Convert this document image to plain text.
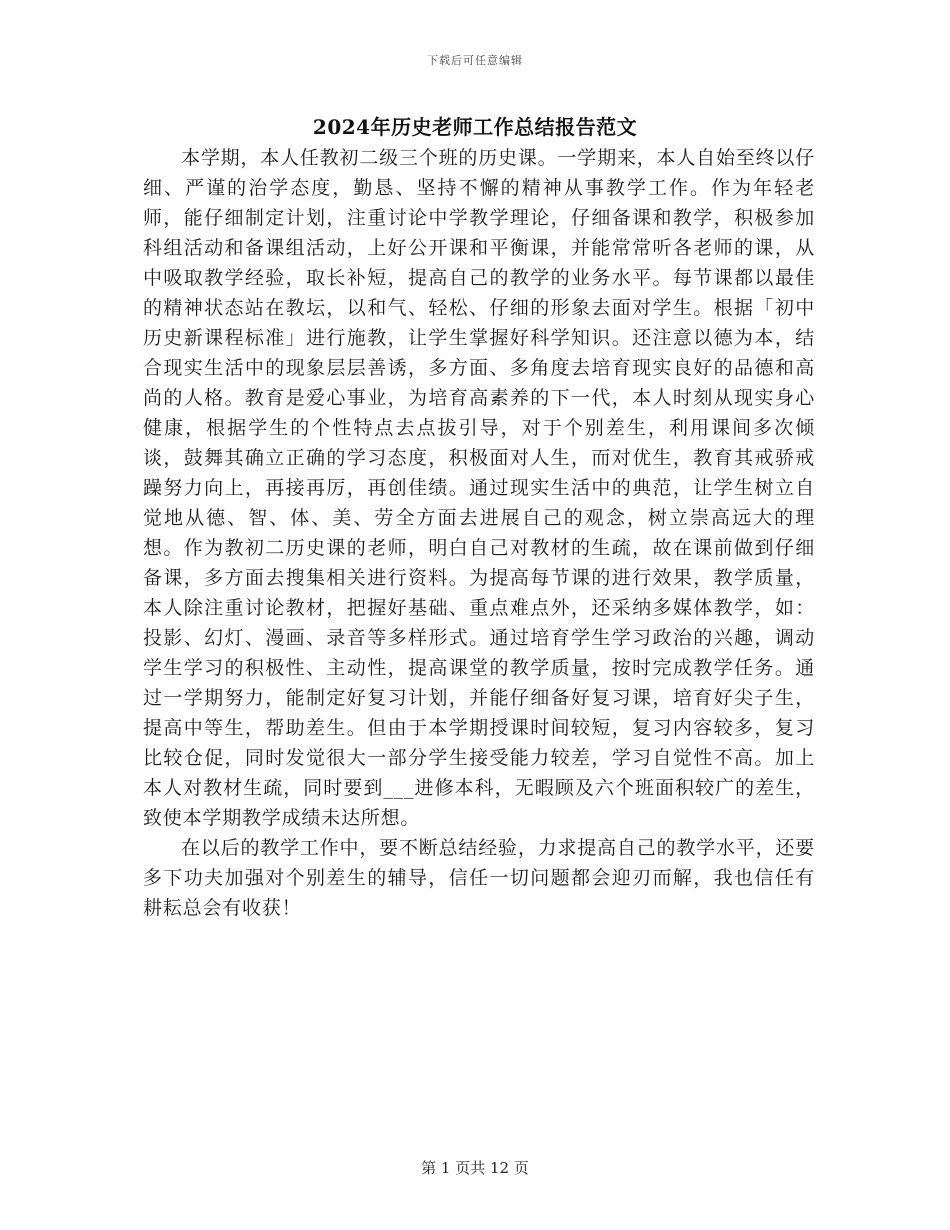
下载后可任意编辑
2024年历史老师工作总结报告范文

本学期，本人任教初二级三个班的历史课。一学期来，本人自始至终以仔细、严谨的治学态度，勤恳、坚持不懈的精神从事教学工作。作为年轻老师，能仔细制定计划，注重讨论中学教学理论，仔细备课和教学，积极参加科组活动和备课组活动，上好公开课和平衡课，并能常常听各老师的课，从中吸取教学经验，取长补短，提高自己的教学的业务水平。每节课都以最佳的精神状态站在教坛，以和气、轻松、仔细的形象去面对学生。根据「初中历史新课程标准」进行施教，让学生掌握好科学知识。还注意以德为本，结合现实生活中的现象层层善诱，多方面、多角度去培育现实良好的品德和高尚的人格。教育是爱心事业，为培育高素养的下一代，本人时刻从现实身心健康，根据学生的个性特点去点拔引导，对于个别差生，利用课间多次倾谈，鼓舞其确立正确的学习态度，积极面对人生，而对优生，教育其戒骄戒躁努力向上，再接再厉，再创佳绩。通过现实生活中的典范，让学生树立自觉地从德、智、体、美、劳全方面去进展自己的观念，树立崇高远大的理想。作为教初二历史课的老师，明白自己对教材的生疏，故在课前做到仔细备课，多方面去搜集相关进行资料。为提高每节课的进行效果，教学质量，本人除注重讨论教材，把握好基础、重点难点外，还采纳多媒体教学，如：投影、幻灯、漫画、录音等多样形式。通过培育学生学习政治的兴趣，调动学生学习的积极性、主动性，提高课堂的教学质量，按时完成教学任务。通过一学期努力，能制定好复习计划，并能仔细备好复习课，培育好尖子生，提高中等生，帮助差生。但由于本学期授课时间较短，复习内容较多，复习比较仓促，同时发觉很大一部分学生接受能力较差，学习自觉性不高。加上本人对教材生疏，同时要到___进修本科，无暇顾及六个班面积较广的差生，致使本学期教学成绩未达所想。

在以后的教学工作中，要不断总结经验，力求提高自己的教学水平，还要多下功夫加强对个别差生的辅导，信任一切问题都会迎刃而解，我也信任有耕耘总会有收获！

第 1 页共 12 页
